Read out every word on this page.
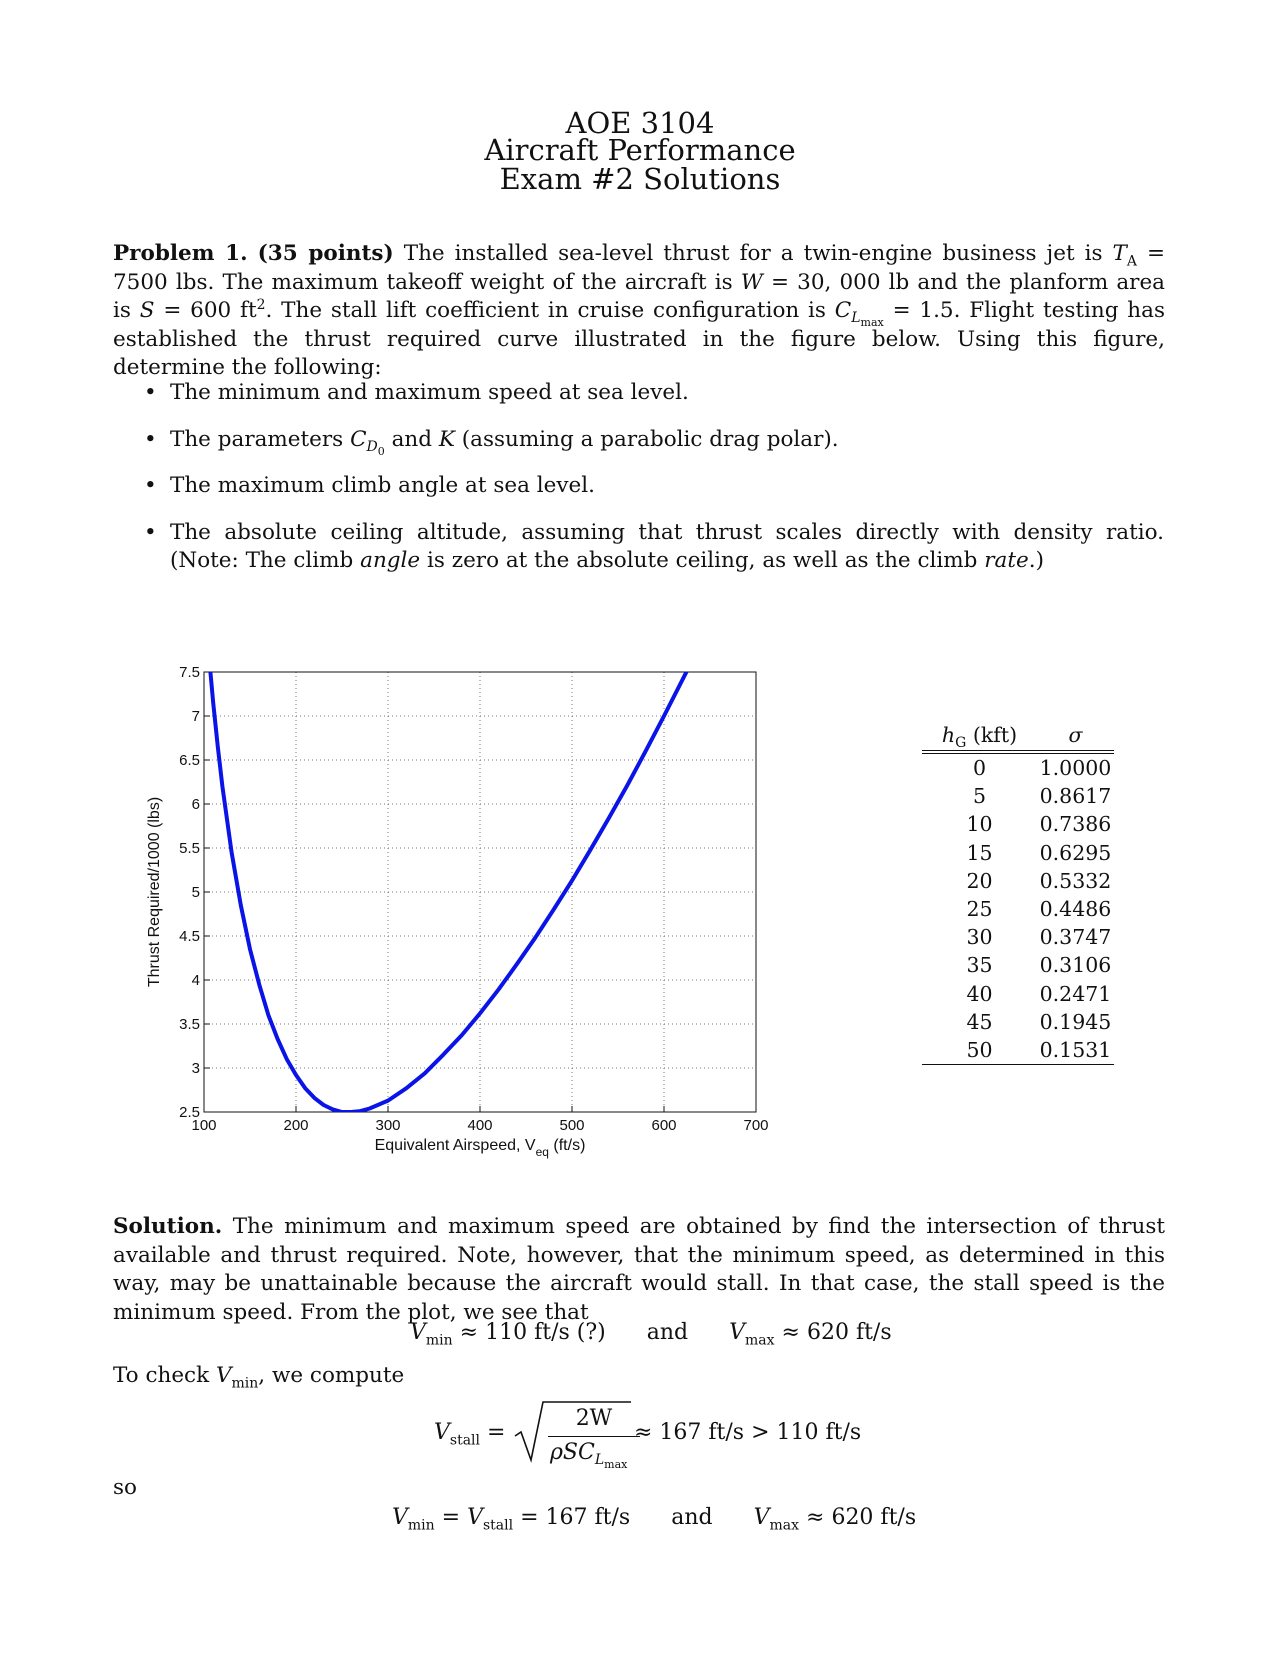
AOE 3104
Aircraft Performance
Exam #2 Solutions
Problem 1. (35 points) The installed sea-level thrust for a twin-engine business jet is $T_A = 7500$ lbs. The maximum takeoff weight of the aircraft is W = 30, 000 lb and the planform area is S = 600 $ft^2$. The stall lift coefficient in cruise configuration is $C_{L_{max}} = 1.5$. Flight testing has established the thrust required curve illustrated in the figure below. Using this figure, determine the following:
• The minimum and maximum speed at sea level.
• The parameters $C_{D_0}$ and K (assuming a parabolic drag polar).
• The maximum climb angle at sea level.
• The absolute ceiling altitude, assuming that thrust scales directly with density ratio. (Note: The climb angle is zero at the absolute ceiling, as well as the climb rate.)
100	200	300	400	500	600	700
2.5
3
3.5
4
4.5
5
5.5
6
6.5
7
7.5
Thrust Required/1000 (lbs)
Equivalent Airspeed, $V_{eq}$ (ft/s)
$h_G$ (kft)	σ
0	1.0000
5	0.8617
10	0.7386
15	0.6295
20	0.5332
25	0.4486
30	0.3747
35	0.3106
40	0.2471
45	0.1945
50	0.1531
Solution. The minimum and maximum speed are obtained by find the intersection of thrust available and thrust required. Note, however, that the minimum speed, as determined in this way, may be unattainable because the aircraft would stall. In that case, the stall speed is the minimum speed. From the plot, we see that
$V_{min} \approx 110$ ft/s (?) and $V_{max} \approx 620$ ft/s
To check $V_{min}$, we compute
$V_{stall}$ =
2W
ρSC$_{L_{max}}$
≈ 167 ft/s > 110 ft/s
so
$V_{min} = V_{stall} = 167$ ft/s and $V_{max} \approx 620$ ft/s
